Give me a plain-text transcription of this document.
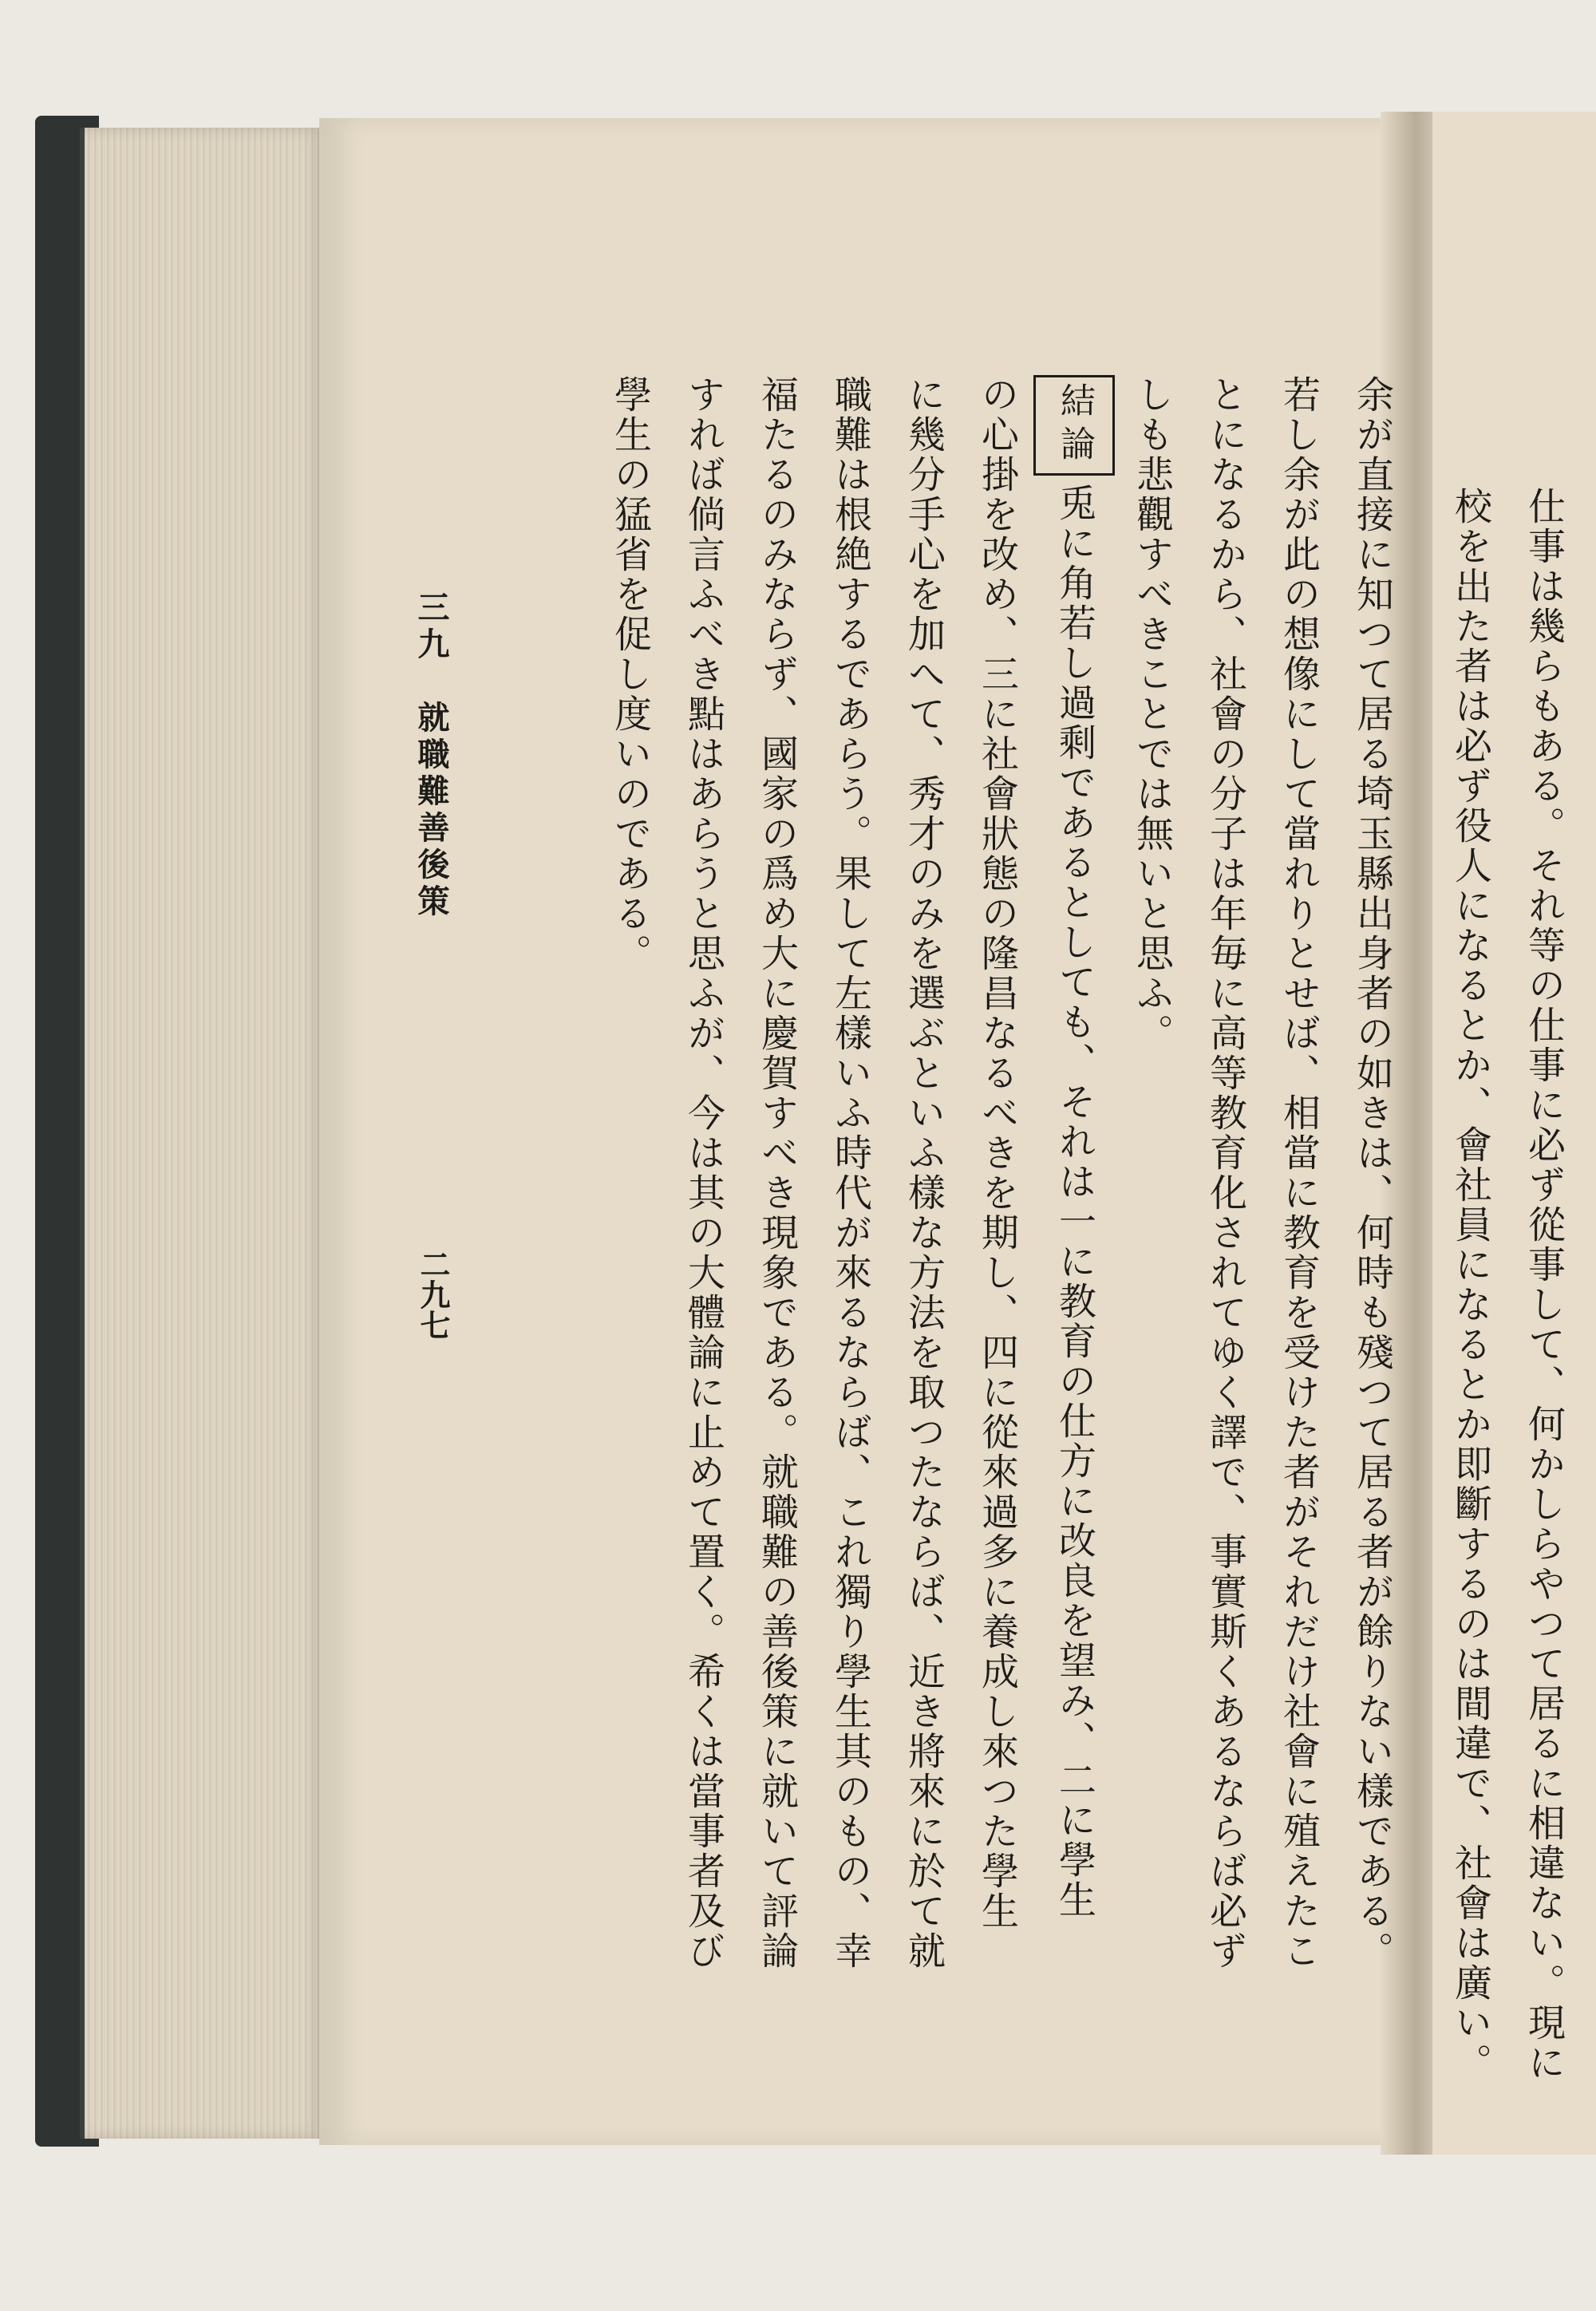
仕事は幾らもある。それ等の仕事に必ず從事して、何かしらやつて居るに相違ない。現に
校を出た者は必ず役人になるとか、會社員になるとか即斷するのは間違で、社會は廣い。
余が直接に知つて居る埼玉縣出身者の如きは、何時も殘つて居る者が餘りない樣である。
若し余が此の想像にして當れりとせば、相當に教育を受けた者がそれだけ社會に殖えたこ
とになるから、社會の分子は年毎に高等教育化されてゆく譯で、事實斯くあるならば必ず
しも悲觀すべきことでは無いと思ふ。
結論兎に角若し過剩であるとしても、それは一に教育の仕方に改良を望み、二に學生
の心掛を改め、三に社會狀態の隆昌なるべきを期し、四に從來過多に養成し來つた學生
に幾分手心を加へて、秀才のみを選ぶといふ樣な方法を取つたならば、近き將來に於て就
職難は根絶するであらう。果して左樣いふ時代が來るならば、これ獨り學生其のもの、幸
福たるのみならず、國家の爲め大に慶賀すべき現象である。就職難の善後策に就いて評論
すれば倘言ふべき點はあらうと思ふが、今は其の大體論に止めて置く。希くは當事者及び
學生の猛省を促し度いのである。
三九　就職難善後策
二九七
